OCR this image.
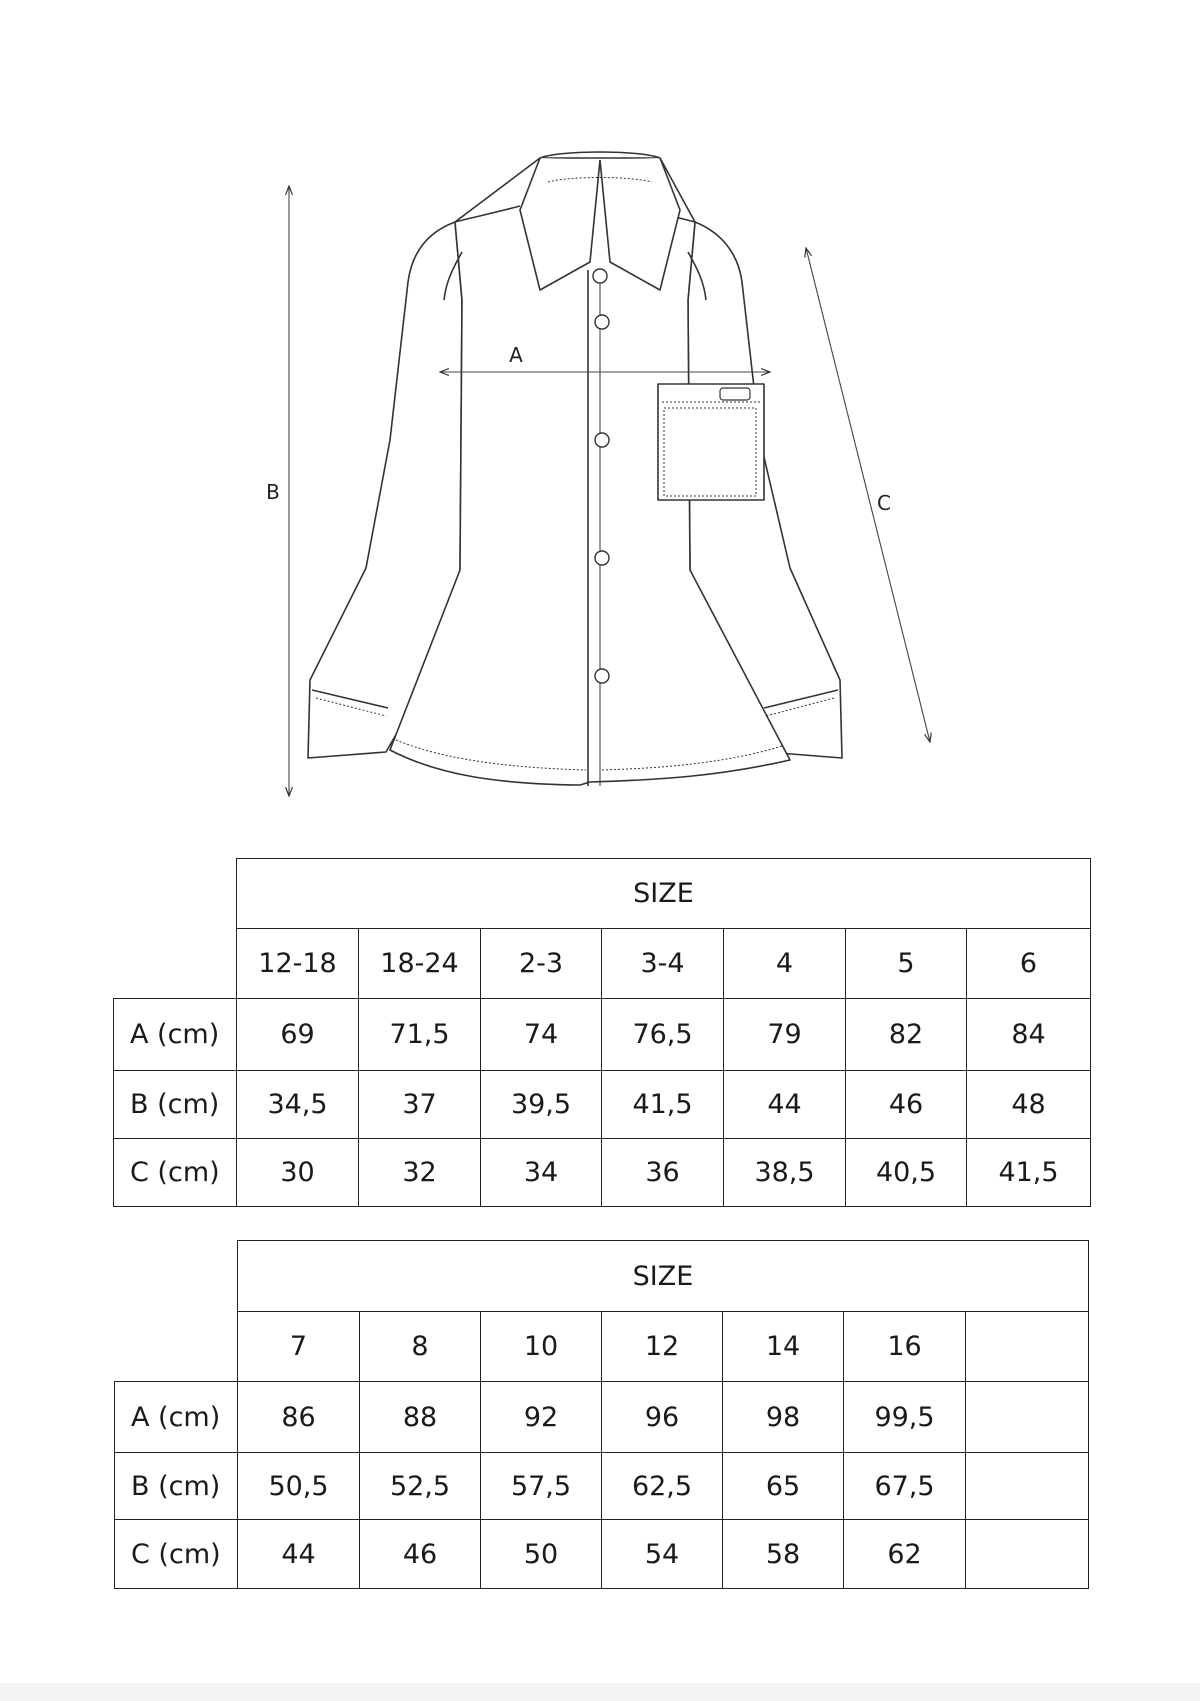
A
B	C
	SIZE						
	12-18	18-24	2-3	3-4	4	5	6
A (cm)	69	71,5	74	76,5	79	82	84
B (cm)	34,5	37	39,5	41,5	44	46	48
C (cm)	30	32	34	36	38,5	40,5	41,5
	SIZE						
	7	8	10	12	14	16	
A (cm)	86	88	92	96	98	99,5	
B (cm)	50,5	52,5	57,5	62,5	65	67,5	
C (cm)	44	46	50	54	58	62	
